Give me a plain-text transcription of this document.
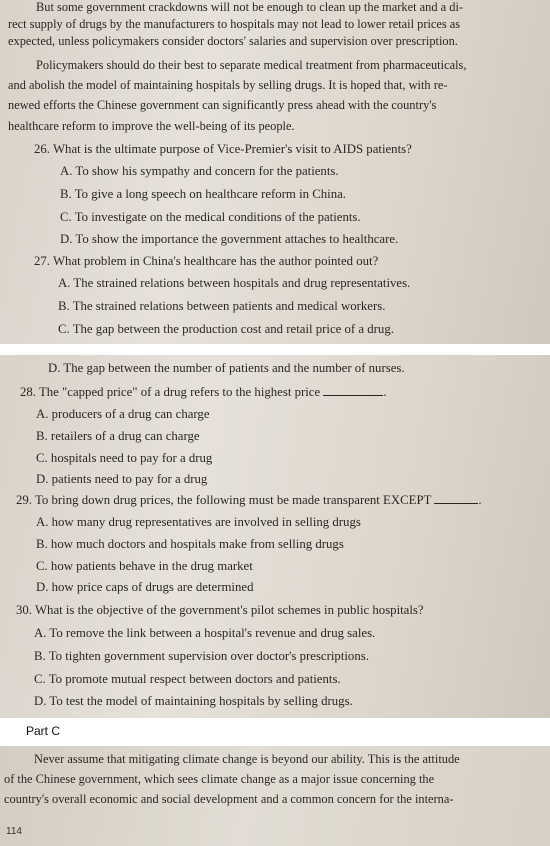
But some government crackdowns will not be enough to clean up the market and a di-
rect supply of drugs by the manufacturers to hospitals may not lead to lower retail prices as
expected, unless policymakers consider doctors' salaries and supervision over prescription.
Policymakers should do their best to separate medical treatment from pharmaceuticals,
and abolish the model of maintaining hospitals by selling drugs. It is hoped that, with re-
newed efforts the Chinese government can significantly press ahead with the country's
healthcare reform to improve the well-being of its people.
26. What is the ultimate purpose of Vice-Premier's visit to AIDS patients?
A. To show his sympathy and concern for the patients.
B. To give a long speech on healthcare reform in China.
C. To investigate on the medical conditions of the patients.
D. To show the importance the government attaches to healthcare.
27. What problem in China's healthcare has the author pointed out?
A. The strained relations between hospitals and drug representatives.
B. The strained relations between patients and medical workers.
C. The gap between the production cost and retail price of a drug.
D. The gap between the number of patients and the number of nurses.
28. The "capped price" of a drug refers to the highest price	.
A. producers of a drug can charge
B. retailers of a drug can charge
C. hospitals need to pay for a drug
D. patients need to pay for a drug
29. To bring down drug prices, the following must be made transparent EXCEPT	.
A. how many drug representatives are involved in selling drugs
B. how much doctors and hospitals make from selling drugs
C. how patients behave in the drug market
D. how price caps of drugs are determined
30. What is the objective of the government's pilot schemes in public hospitals?
A. To remove the link between a hospital's revenue and drug sales.
B. To tighten government supervision over doctor's prescriptions.
C. To promote mutual respect between doctors and patients.
D. To test the model of maintaining hospitals by selling drugs.
Part C
Never assume that mitigating climate change is beyond our ability. This is the attitude
of the Chinese government, which sees climate change as a major issue concerning the
country's overall economic and social development and a common concern for the interna-
114
